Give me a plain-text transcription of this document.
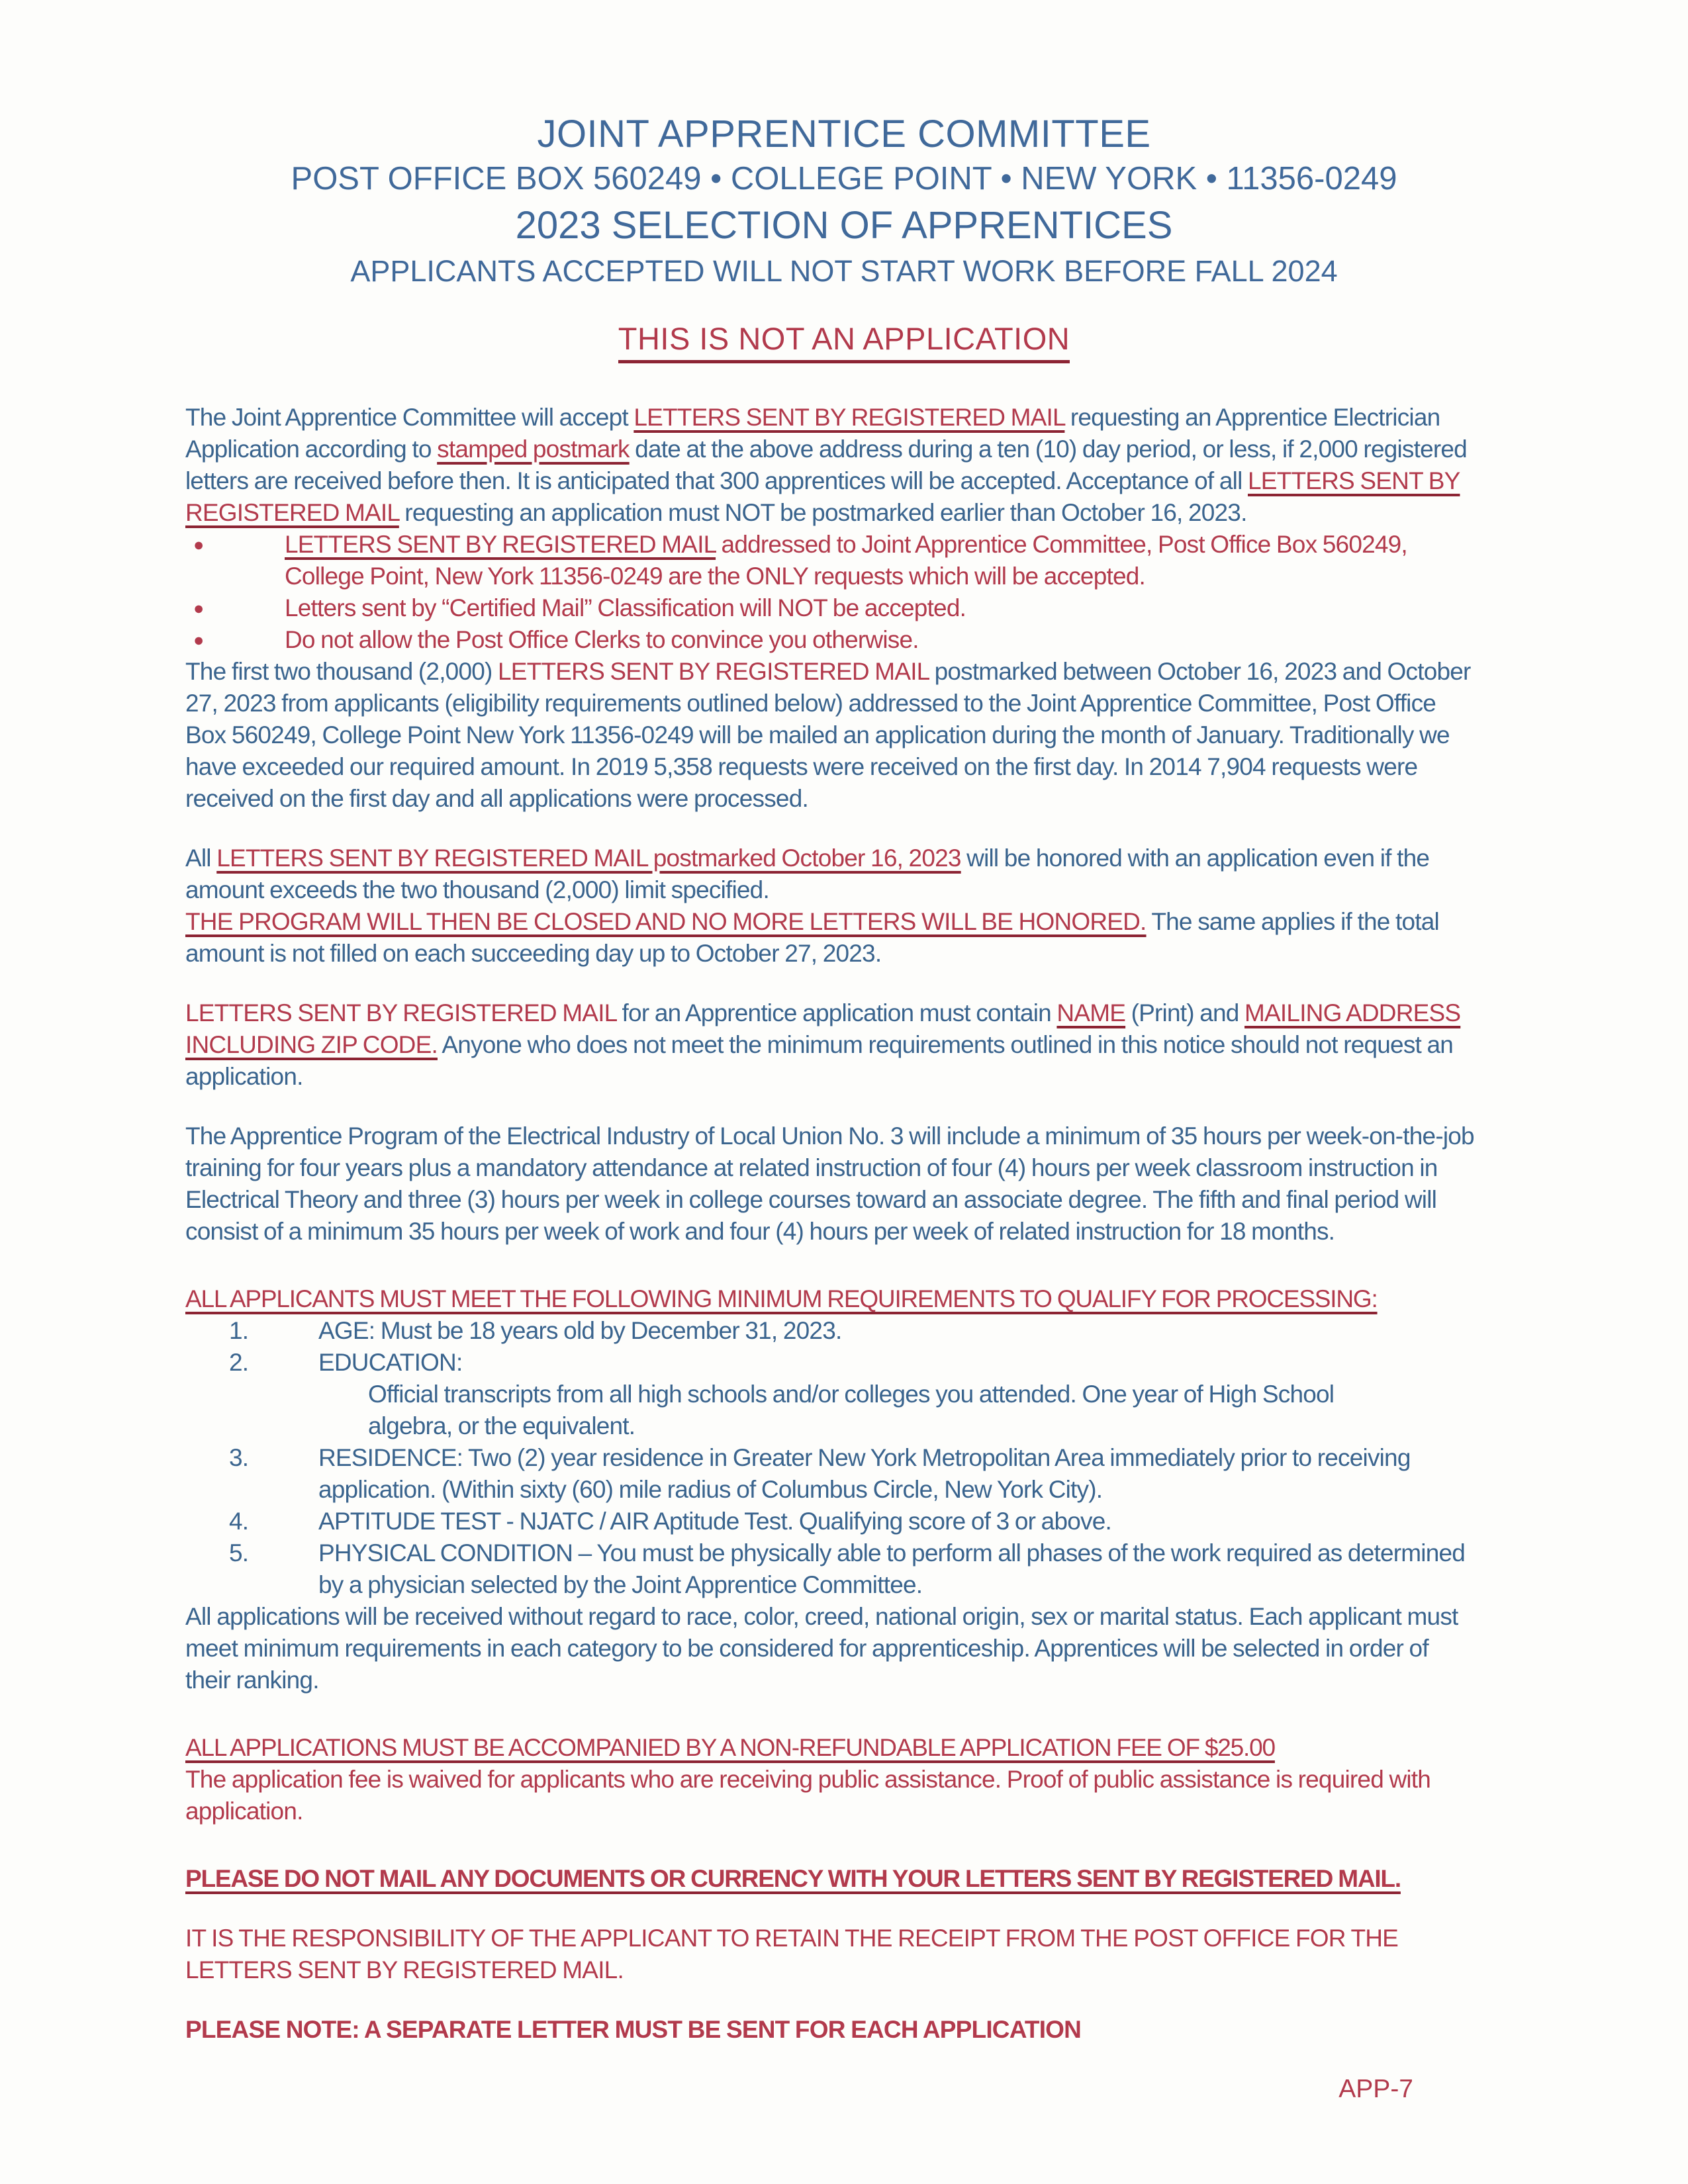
JOINT APPRENTICE COMMITTEE
POST OFFICE BOX 560249 • COLLEGE POINT • NEW YORK • 11356-0249
2023 SELECTION OF APPRENTICES
APPLICANTS ACCEPTED WILL NOT START WORK BEFORE FALL 2024
THIS IS NOT AN APPLICATION
The Joint Apprentice Committee will accept LETTERS SENT BY REGISTERED MAIL requesting an Apprentice Electrician Application according to stamped postmark date at the above address during a ten (10) day period, or less, if 2,000 registered letters are received before then. It is anticipated that 300 apprentices will be accepted. Acceptance of all LETTERS SENT BY REGISTERED MAIL requesting an application must NOT be postmarked earlier than October 16, 2023.
●	LETTERS SENT BY REGISTERED MAIL addressed to Joint Apprentice Committee, Post Office Box 560249, College Point, New York 11356-0249 are the ONLY requests which will be accepted.
●	Letters sent by “Certified Mail” Classification will NOT be accepted.
●	Do not allow the Post Office Clerks to convince you otherwise.
The first two thousand (2,000) LETTERS SENT BY REGISTERED MAIL postmarked between October 16, 2023 and October 27, 2023 from applicants (eligibility requirements outlined below) addressed to the Joint Apprentice Committee, Post Office Box 560249, College Point New York 11356-0249 will be mailed an application during the month of January. Traditionally we have exceeded our required amount. In 2019 5,358 requests were received on the first day. In 2014 7,904 requests were received on the first day and all applications were processed.
All LETTERS SENT BY REGISTERED MAIL postmarked October 16, 2023 will be honored with an application even if the amount exceeds the two thousand (2,000) limit specified.
THE PROGRAM WILL THEN BE CLOSED AND NO MORE LETTERS WILL BE HONORED. The same applies if the total amount is not filled on each succeeding day up to October 27, 2023.
LETTERS SENT BY REGISTERED MAIL for an Apprentice application must contain NAME (Print) and MAILING ADDRESS INCLUDING ZIP CODE. Anyone who does not meet the minimum requirements outlined in this notice should not request an application.
The Apprentice Program of the Electrical Industry of Local Union No. 3 will include a minimum of 35 hours per week-on-the-job training for four years plus a mandatory attendance at related instruction of four (4) hours per week classroom instruction in Electrical Theory and three (3) hours per week in college courses toward an associate degree. The fifth and final period will consist of a minimum 35 hours per week of work and four (4) hours per week of related instruction for 18 months.
ALL APPLICANTS MUST MEET THE FOLLOWING MINIMUM REQUIREMENTS TO QUALIFY FOR PROCESSING:
1.	AGE: Must be 18 years old by December 31, 2023.
2.	EDUCATION:
Official transcripts from all high schools and/or colleges you attended. One year of High School algebra, or the equivalent.
3.	RESIDENCE: Two (2) year residence in Greater New York Metropolitan Area immediately prior to receiving application. (Within sixty (60) mile radius of Columbus Circle, New York City).
4.	APTITUDE TEST - NJATC / AIR Aptitude Test. Qualifying score of 3 or above.
5.	PHYSICAL CONDITION – You must be physically able to perform all phases of the work required as determined by a physician selected by the Joint Apprentice Committee.
All applications will be received without regard to race, color, creed, national origin, sex or marital status. Each applicant must meet minimum requirements in each category to be considered for apprenticeship. Apprentices will be selected in order of their ranking.
ALL APPLICATIONS MUST BE ACCOMPANIED BY A NON-REFUNDABLE APPLICATION FEE OF $25.00
The application fee is waived for applicants who are receiving public assistance. Proof of public assistance is required with application.
PLEASE DO NOT MAIL ANY DOCUMENTS OR CURRENCY WITH YOUR LETTERS SENT BY REGISTERED MAIL.
IT IS THE RESPONSIBILITY OF THE APPLICANT TO RETAIN THE RECEIPT FROM THE POST OFFICE FOR THE LETTERS SENT BY REGISTERED MAIL.
PLEASE NOTE: A SEPARATE LETTER MUST BE SENT FOR EACH APPLICATION
APP-7
